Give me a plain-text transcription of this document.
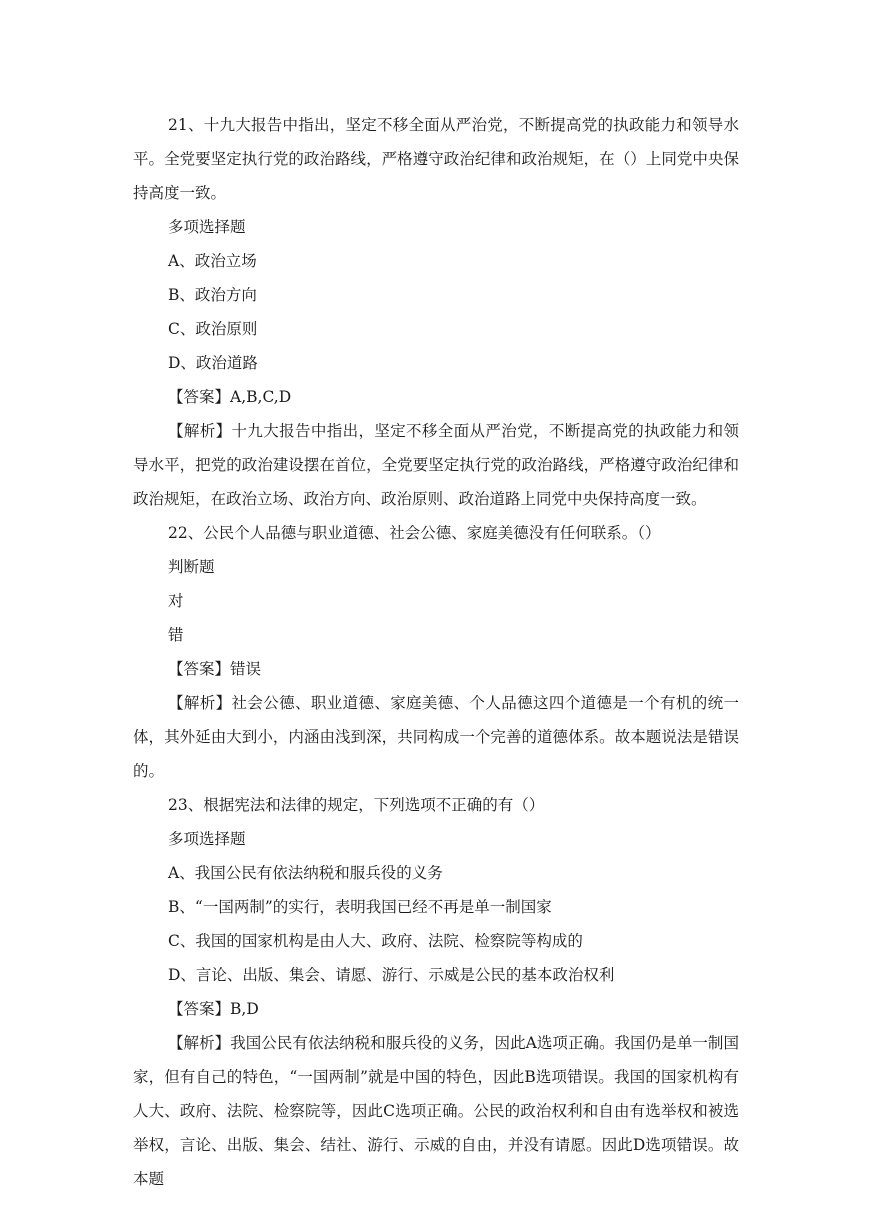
21、十九大报告中指出，坚定不移全面从严治党，不断提高党的执政能力和领导水平。全党要坚定执行党的政治路线，严格遵守政治纪律和政治规矩，在（）上同党中央保持高度一致。

多项选择题

A、政治立场

B、政治方向

C、政治原则

D、政治道路

【答案】A,B,C,D

【解析】十九大报告中指出，坚定不移全面从严治党，不断提高党的执政能力和领导水平，把党的政治建设摆在首位，全党要坚定执行党的政治路线，严格遵守政治纪律和政治规矩，在政治立场、政治方向、政治原则、政治道路上同党中央保持高度一致。

22、公民个人品德与职业道德、社会公德、家庭美德没有任何联系。（）

判断题

对

错

【答案】错误

【解析】社会公德、职业道德、家庭美德、个人品德这四个道德是一个有机的统一体，其外延由大到小，内涵由浅到深，共同构成一个完善的道德体系。故本题说法是错误的。

23、根据宪法和法律的规定，下列选项不正确的有（）

多项选择题

A、我国公民有依法纳税和服兵役的义务

B、“一国两制”的实行，表明我国已经不再是单一制国家

C、我国的国家机构是由人大、政府、法院、检察院等构成的

D、言论、出版、集会、请愿、游行、示威是公民的基本政治权利

【答案】B,D

【解析】我国公民有依法纳税和服兵役的义务，因此A选项正确。我国仍是单一制国家，但有自己的特色，“一国两制”就是中国的特色，因此B选项错误。我国的国家机构有人大、政府、法院、检察院等，因此C选项正确。公民的政治权利和自由有选举权和被选举权，言论、出版、集会、结社、游行、示威的自由，并没有请愿。因此D选项错误。故本题
